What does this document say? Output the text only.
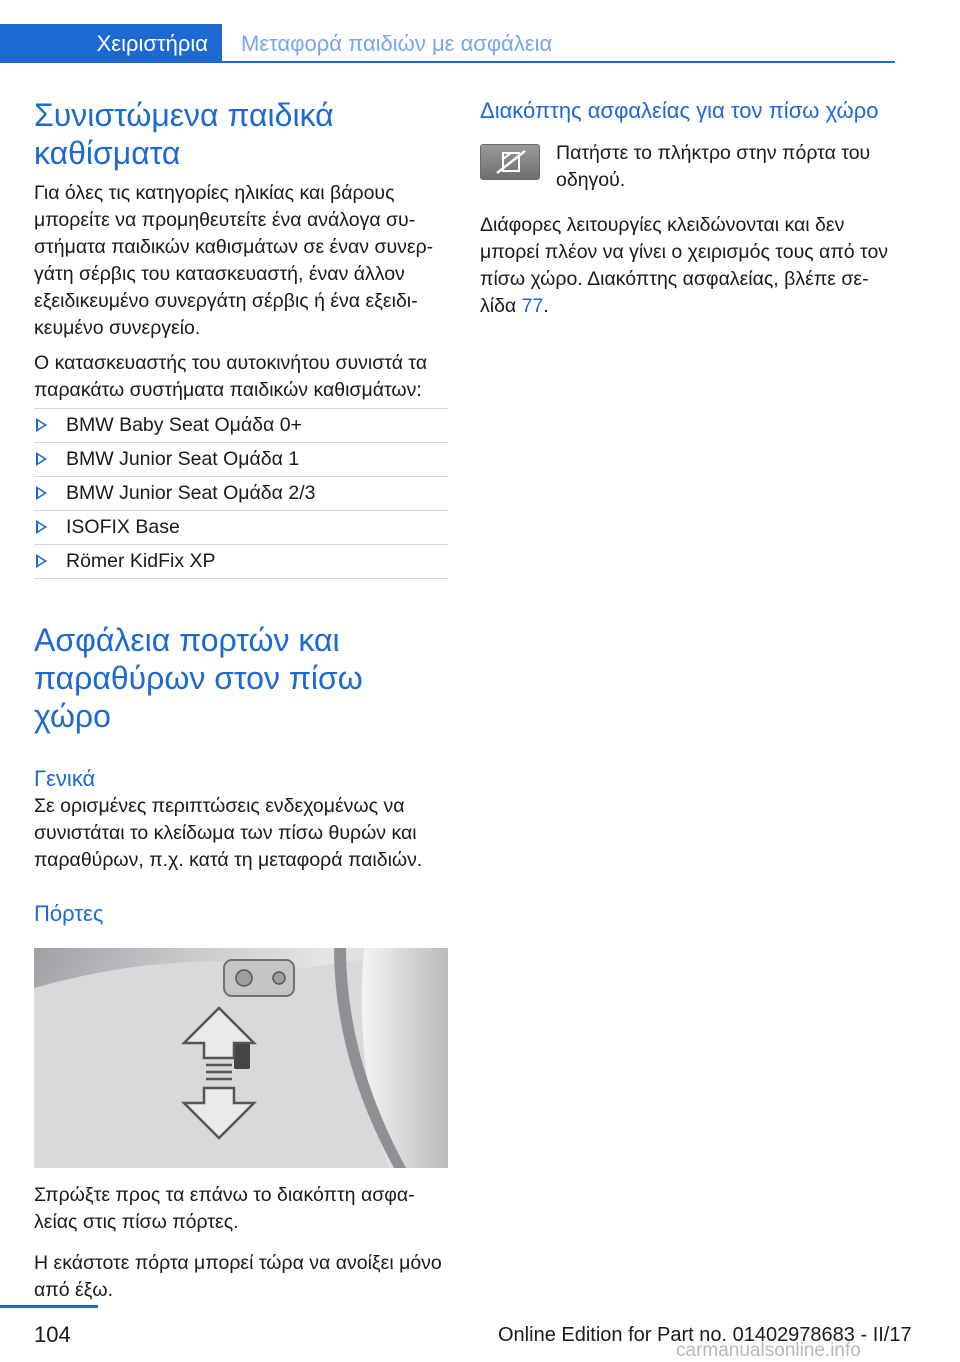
Χειριστήρια Μεταφορά παιδιών με ασφάλεια
Συνιστώμενα παιδικά καθίσματα

Για όλες τις κατηγορίες ηλικίας και βάρους μπορείτε να προμηθευτείτε ένα ανάλογα συ‐στήματα παιδικών καθισμάτων σε έναν συνερ‐γάτη σέρβις του κατασκευαστή, έναν άλλον εξειδικευμένο συνεργάτη σέρβις ή ένα εξειδι‐κευμένο συνεργείο.

Ο κατασκευαστής του αυτοκινήτου συνιστά τα παρακάτω συστήματα παιδικών καθισμάτων:

BMW Baby Seat Ομάδα 0+
BMW Junior Seat Ομάδα 1
BMW Junior Seat Ομάδα 2/3
ISOFIX Base
Römer KidFix XP
Ασφάλεια πορτών και παραθύρων στον πίσω χώρο
Γενικά

Σε ορισμένες περιπτώσεις ενδεχομένως να συνιστάται το κλείδωμα των πίσω θυρών και παραθύρων, π.χ. κατά τη μεταφορά παιδιών.

Πόρτες

Σπρώξτε προς τα επάνω το διακόπτη ασφα‐λείας στις πίσω πόρτες.

Η εκάστοτε πόρτα μπορεί τώρα να ανοίξει μόνο από έξω.

Διακόπτης ασφαλείας για τον πίσω χώρο

Πατήστε το πλήκτρο στην πόρτα του οδηγού.

Διάφορες λειτουργίες κλειδώνονται και δεν μπορεί πλέον να γίνει ο χειρισμός τους από τον πίσω χώρο. Διακόπτης ασφαλείας, βλέπε σε‐λίδα 77.

104	Online Edition for Part no. 01402978683 - II/17
carmanualsonline.info
